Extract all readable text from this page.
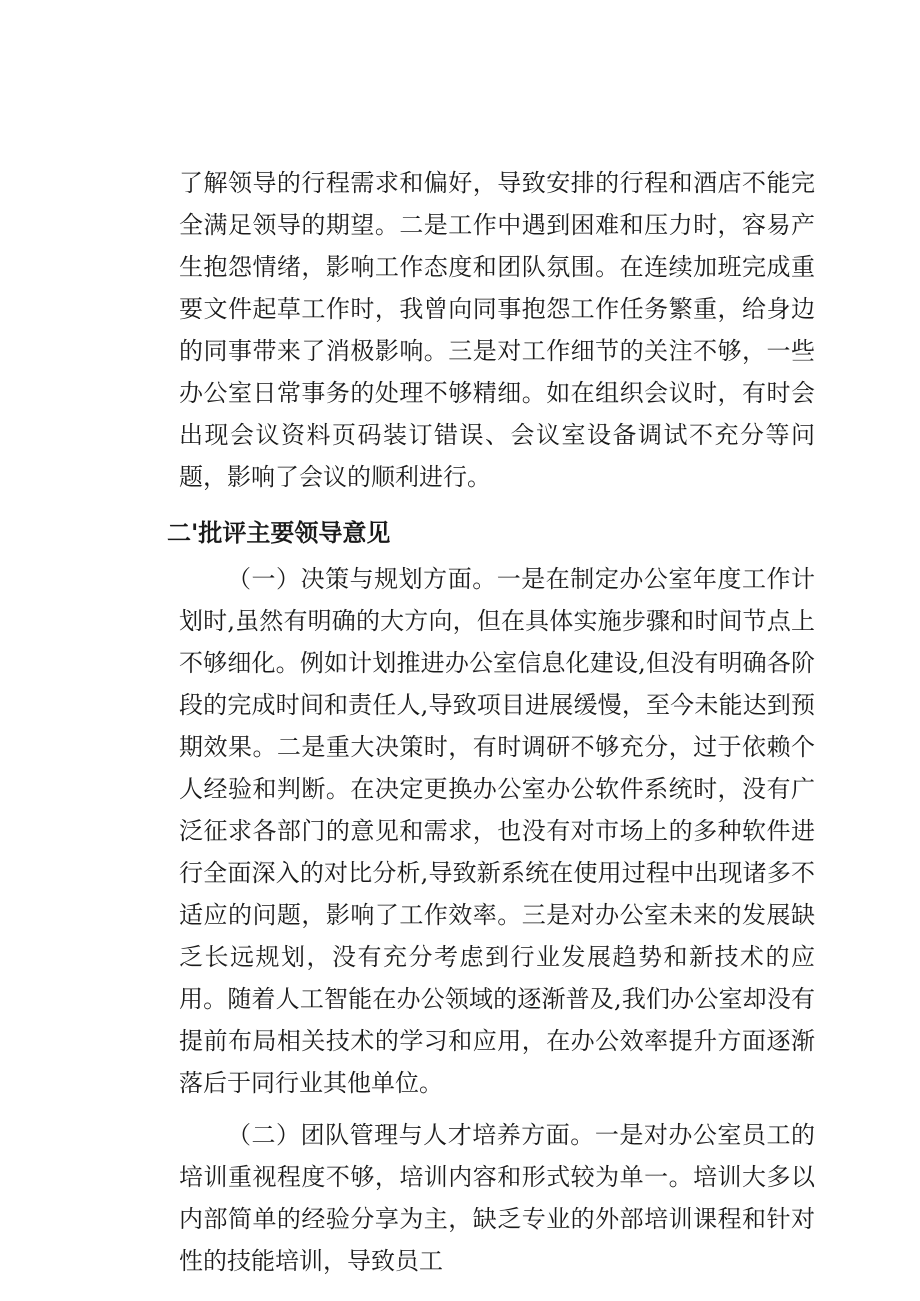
了解领导的行程需求和偏好，导致安排的行程和酒店不能完全满足领导的期望。二是工作中遇到困难和压力时，容易产生抱怨情绪，影响工作态度和团队氛围。在连续加班完成重要文件起草工作时，我曾向同事抱怨工作任务繁重，给身边的同事带来了消极影响。三是对工作细节的关注不够，一些办公室日常事务的处理不够精细。如在组织会议时，有时会出现会议资料页码装订错误、会议室设备调试不充分等问题，影响了会议的顺利进行。

二'批评主要领导意见

（一）决策与规划方面。一是在制定办公室年度工作计划时,虽然有明确的大方向，但在具体实施步骤和时间节点上不够细化。例如计划推进办公室信息化建设,但没有明确各阶段的完成时间和责任人,导致项目进展缓慢，至今未能达到预期效果。二是重大决策时，有时调研不够充分，过于依赖个人经验和判断。在决定更换办公室办公软件系统时，没有广泛征求各部门的意见和需求，也没有对市场上的多种软件进行全面深入的对比分析,导致新系统在使用过程中出现诸多不适应的问题，影响了工作效率。三是对办公室未来的发展缺乏长远规划，没有充分考虑到行业发展趋势和新技术的应用。随着人工智能在办公领域的逐渐普及,我们办公室却没有提前布局相关技术的学习和应用，在办公效率提升方面逐渐落后于同行业其他单位。

（二）团队管理与人才培养方面。一是对办公室员工的培训重视程度不够，培训内容和形式较为单一。培训大多以内部简单的经验分享为主，缺乏专业的外部培训课程和针对性的技能培训，导致员工
